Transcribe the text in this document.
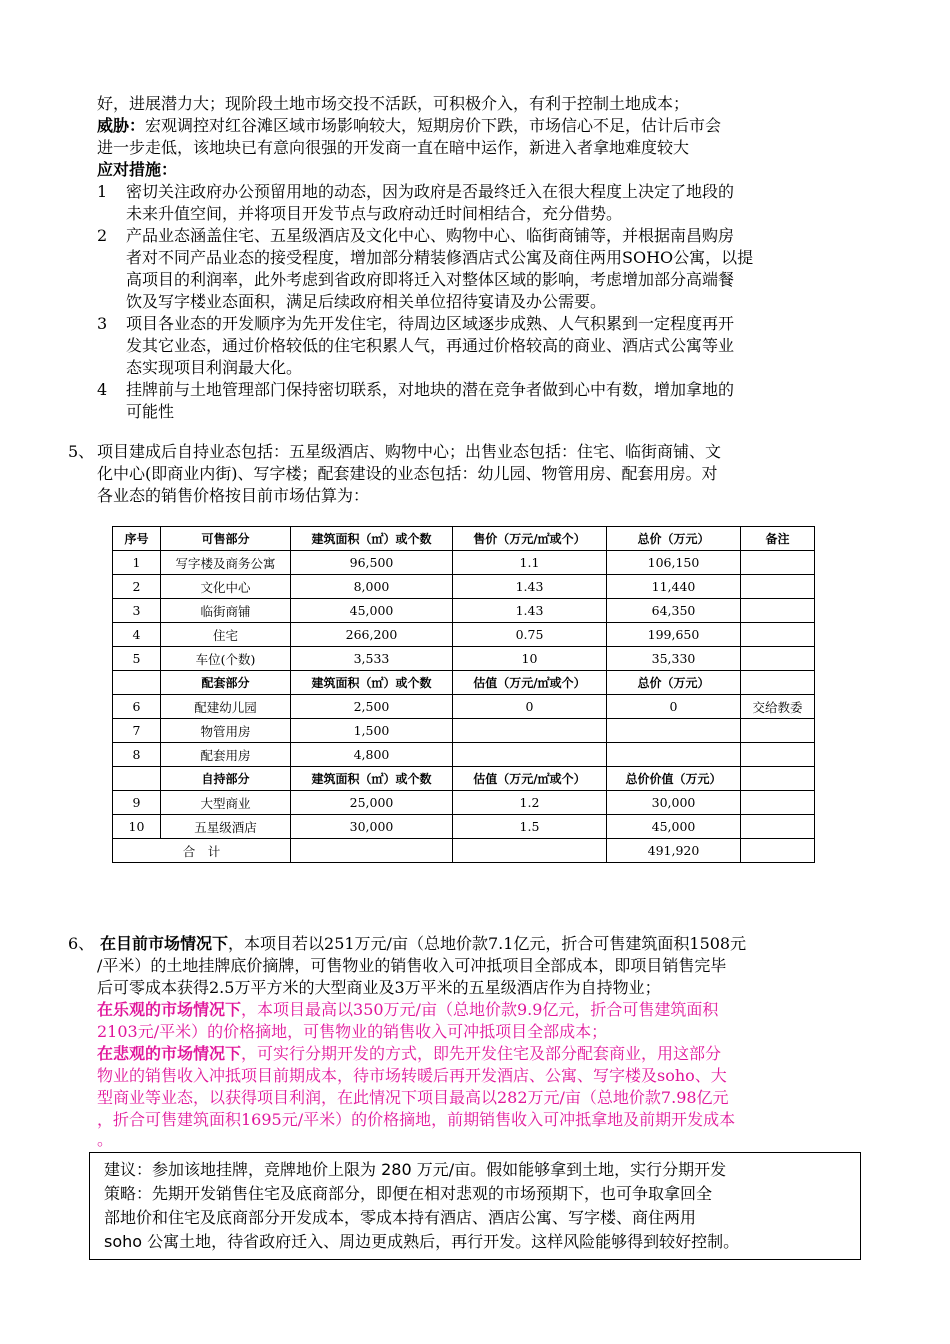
好，进展潜力大；现阶段土地市场交投不活跃，可积极介入，有利于控制土地成本；
威胁：宏观调控对红谷滩区域市场影响较大，短期房价下跌，市场信心不足，估计后市会
进一步走低，该地块已有意向很强的开发商一直在暗中运作，新进入者拿地难度较大
应对措施：
1 密切关注政府办公预留用地的动态，因为政府是否最终迁入在很大程度上决定了地段的
未来升值空间，并将项目开发节点与政府动迁时间相结合，充分借势。
2 产品业态涵盖住宅、五星级酒店及文化中心、购物中心、临街商铺等，并根据南昌购房
者对不同产品业态的接受程度，增加部分精装修酒店式公寓及商住两用SOHO公寓，以提
高项目的利润率，此外考虑到省政府即将迁入对整体区域的影响，考虑增加部分高端餐
饮及写字楼业态面积，满足后续政府相关单位招待宴请及办公需要。
3 项目各业态的开发顺序为先开发住宅，待周边区域逐步成熟、人气积累到一定程度再开
发其它业态，通过价格较低的住宅积累人气，再通过价格较高的商业、酒店式公寓等业
态实现项目利润最大化。
4 挂牌前与土地管理部门保持密切联系，对地块的潜在竞争者做到心中有数，增加拿地的
可能性
5、 项目建成后自持业态包括：五星级酒店、购物中心；出售业态包括：住宅、临街商铺、文
化中心(即商业内街)、写字楼；配套建设的业态包括：幼儿园、物管用房、配套用房。对
各业态的销售价格按目前市场估算为：
序号	可售部分	建筑面积（㎡）或个数	售价（万元/㎡或个）	总价（万元）	备注
1	写字楼及商务公寓	96,500	1.1	106,150	
2	文化中心	8,000	1.43	11,440	
3	临街商铺	45,000	1.43	64,350	
4	住宅	266,200	0.75	199,650	
5	车位(个数)	3,533	10	35,330	
	配套部分	建筑面积（㎡）或个数	估值（万元/㎡或个）	总价（万元）	
6	配建幼儿园	2,500	0	0	交给教委
7	物管用房	1,500			
8	配套用房	4,800			
	自持部分	建筑面积（㎡）或个数	估值（万元/㎡或个）	总价价值（万元）	
9	大型商业	25,000	1.2	30,000	
10	五星级酒店	30,000	1.5	45,000	
合　计				491,920	
6、 在目前市场情况下，本项目若以251万元/亩（总地价款7.1亿元，折合可售建筑面积1508元
/平米）的土地挂牌底价摘牌，可售物业的销售收入可冲抵项目全部成本，即项目销售完毕
后可零成本获得2.5万平方米的大型商业及3万平米的五星级酒店作为自持物业；
在乐观的市场情况下，本项目最高以350万元/亩（总地价款9.9亿元，折合可售建筑面积
2103元/平米）的价格摘地，可售物业的销售收入可冲抵项目全部成本；
在悲观的市场情况下，可实行分期开发的方式，即先开发住宅及部分配套商业，用这部分
物业的销售收入冲抵项目前期成本，待市场转暖后再开发酒店、公寓、写字楼及soho、大
型商业等业态，以获得项目利润，在此情况下项目最高以282万元/亩（总地价款7.98亿元
，折合可售建筑面积1695元/平米）的价格摘地，前期销售收入可冲抵拿地及前期开发成本
。
建议：参加该地挂牌，竞牌地价上限为 280 万元/亩。假如能够拿到土地，实行分期开发
策略：先期开发销售住宅及底商部分，即便在相对悲观的市场预期下，也可争取拿回全
部地价和住宅及底商部分开发成本，零成本持有酒店、酒店公寓、写字楼、商住两用
soho 公寓土地，待省政府迁入、周边更成熟后，再行开发。这样风险能够得到较好控制。
